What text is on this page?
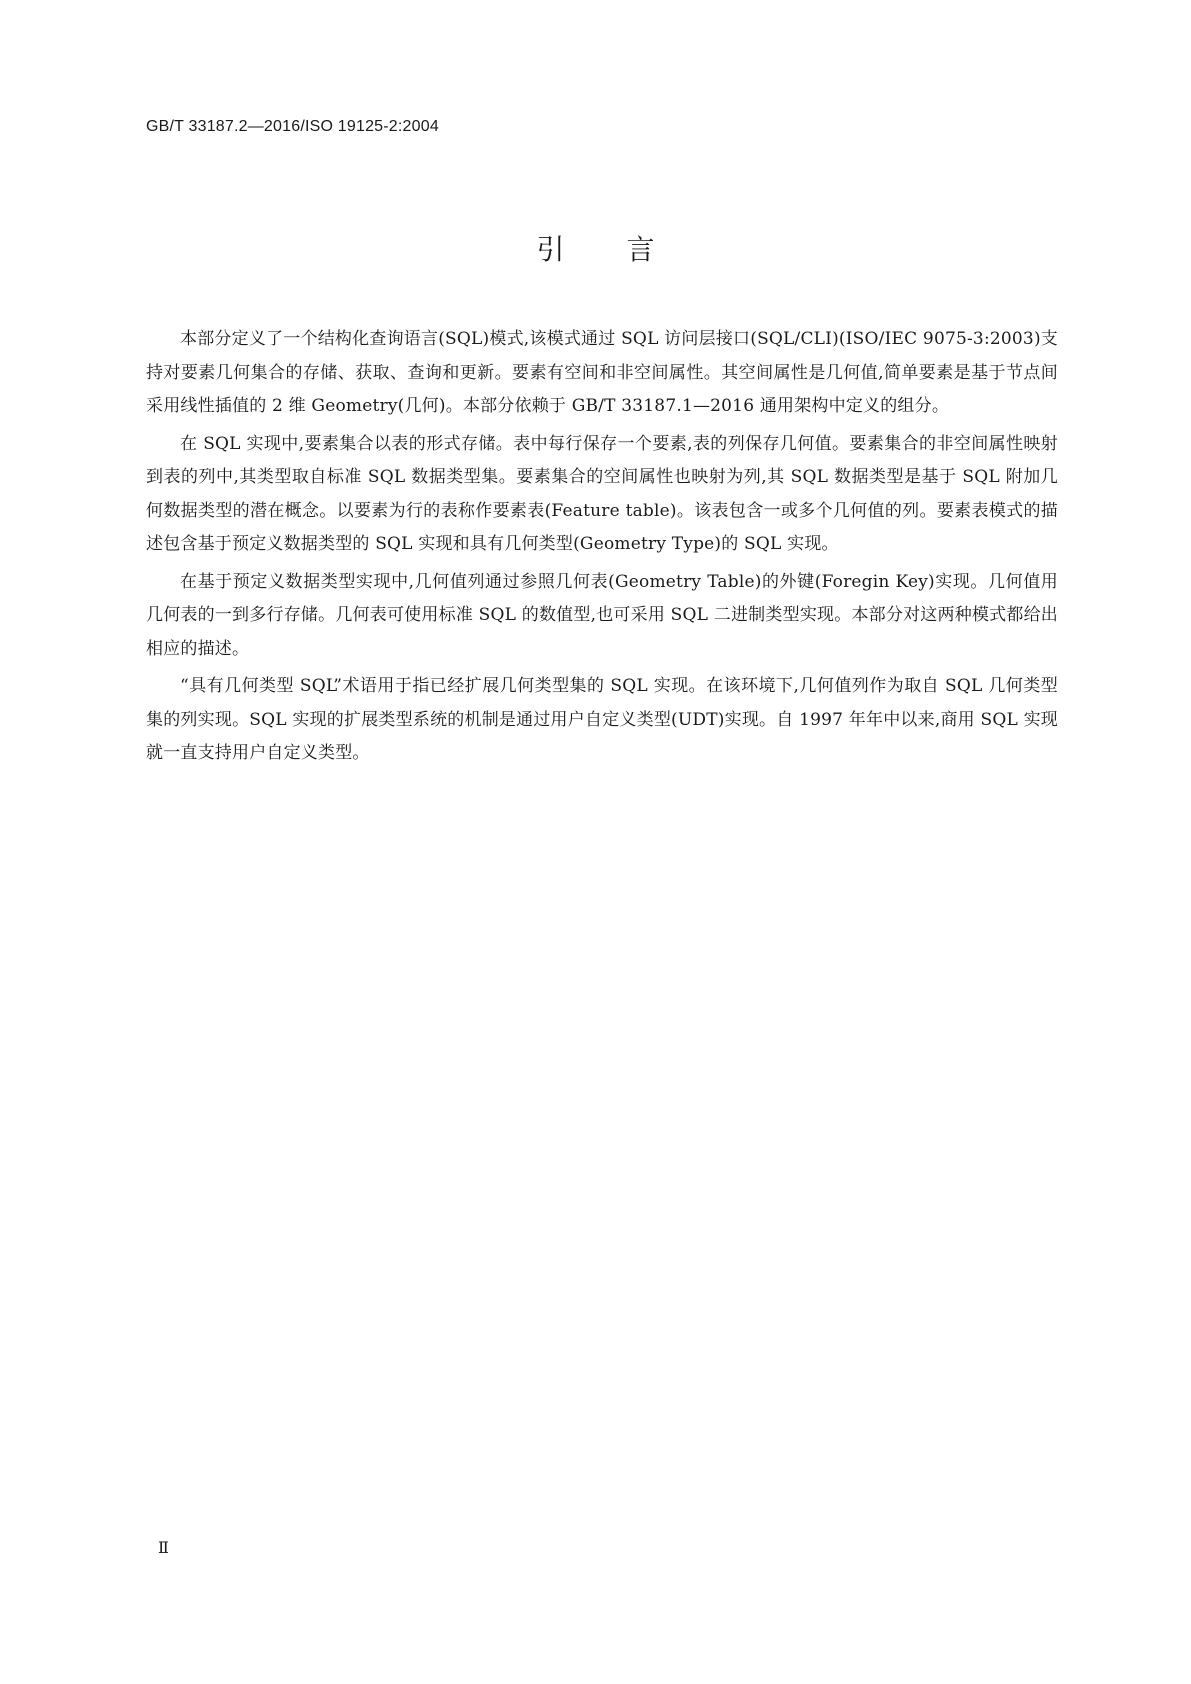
GB/T 33187.2—2016/ISO 19125-2:2004
引言

本部分定义了一个结构化查询语言(SQL)模式,该模式通过 SQL 访问层接口(SQL/CLI)(ISO/IEC 9075-3:2003)支持对要素几何集合的存储、获取、查询和更新。要素有空间和非空间属性。其空间属性是几何值,简单要素是基于节点间采用线性插值的 2 维 Geometry(几何)。本部分依赖于 GB/T 33187.1—2016 通用架构中定义的组分。

在 SQL 实现中,要素集合以表的形式存储。表中每行保存一个要素,表的列保存几何值。要素集合的非空间属性映射到表的列中,其类型取自标准 SQL 数据类型集。要素集合的空间属性也映射为列,其 SQL 数据类型是基于 SQL 附加几何数据类型的潜在概念。以要素为行的表称作要素表(Feature table)。该表包含一或多个几何值的列。要素表模式的描述包含基于预定义数据类型的 SQL 实现和具有几何类型(Geometry Type)的 SQL 实现。

在基于预定义数据类型实现中,几何值列通过参照几何表(Geometry Table)的外键(Foregin Key)实现。几何值用几何表的一到多行存储。几何表可使用标准 SQL 的数值型,也可采用 SQL 二进制类型实现。本部分对这两种模式都给出相应的描述。

“具有几何类型 SQL”术语用于指已经扩展几何类型集的 SQL 实现。在该环境下,几何值列作为取自 SQL 几何类型集的列实现。SQL 实现的扩展类型系统的机制是通过用户自定义类型(UDT)实现。自 1997 年年中以来,商用 SQL 实现就一直支持用户自定义类型。

Ⅱ
